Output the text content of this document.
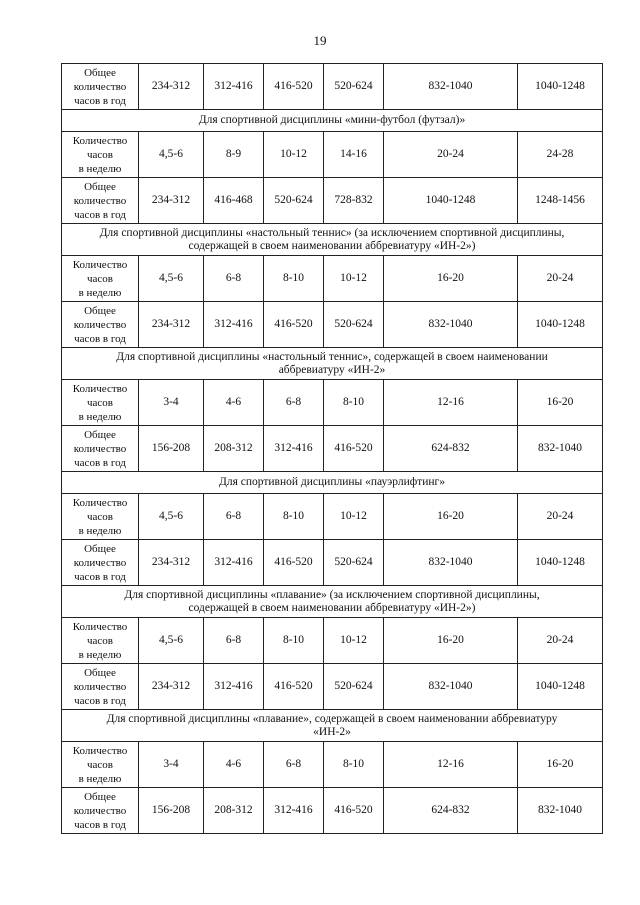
19
Общее
количество
часов в год	234-312	312-416	416-520	520-624	832-1040	1040-1248
Для спортивной дисциплины «мини-футбол (футзал)»						
Количество
часов
в неделю	4,5-6	8-9	10-12	14-16	20-24	24-28
Общее
количество
часов в год	234-312	416-468	520-624	728-832	1040-1248	1248-1456
Для спортивной дисциплины «настольный теннис» (за исключением спортивной дисциплины,
содержащей в своем наименовании аббревиатуру «ИН-2»)						
Количество
часов
в неделю	4,5-6	6-8	8-10	10-12	16-20	20-24
Общее
количество
часов в год	234-312	312-416	416-520	520-624	832-1040	1040-1248
Для спортивной дисциплины «настольный теннис», содержащей в своем наименовании
аббревиатуру «ИН-2»						
Количество
часов
в неделю	3-4	4-6	6-8	8-10	12-16	16-20
Общее
количество
часов в год	156-208	208-312	312-416	416-520	624-832	832-1040
Для спортивной дисциплины «пауэрлифтинг»						
Количество
часов
в неделю	4,5-6	6-8	8-10	10-12	16-20	20-24
Общее
количество
часов в год	234-312	312-416	416-520	520-624	832-1040	1040-1248
Для спортивной дисциплины «плавание» (за исключением спортивной дисциплины,
содержащей в своем наименовании аббревиатуру «ИН-2»)						
Количество
часов
в неделю	4,5-6	6-8	8-10	10-12	16-20	20-24
Общее
количество
часов в год	234-312	312-416	416-520	520-624	832-1040	1040-1248
Для спортивной дисциплины «плавание», содержащей в своем наименовании аббревиатуру
«ИН-2»						
Количество
часов
в неделю	3-4	4-6	6-8	8-10	12-16	16-20
Общее
количество
часов в год	156-208	208-312	312-416	416-520	624-832	832-1040
